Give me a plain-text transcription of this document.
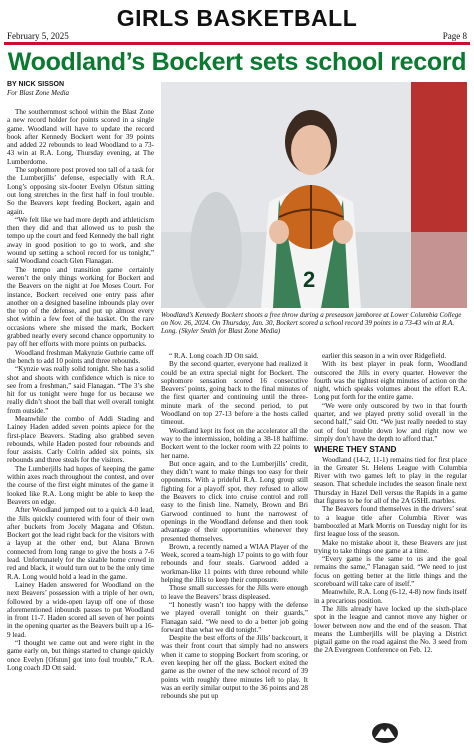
GIRLS BASKETBALL
February 5, 2025	Page 8
Woodland’s Bockert sets school record
BY NICK SISSON
For Blast Zone Media

The southernmost school within the Blast Zone a new record holder for points scored in a single game. Woodland will have to update the record book after Kennedy Bockert went for 39 points and added 22 rebounds to lead Woodland to a 73-43 win at R.A. Long, Thursday evening, at The Lumberdome.

The sophomore post proved too tall of a task for the Lumberjills’ defense, especially with R.A. Long’s opposing six-footer Evelyn Ofstun sitting out long stretches in the first half in foul trouble. So the Beavers kept feeding Bockert, again and again.

“We felt like we had more depth and athleticism then they did and that allowed us to push the tempo up the court and feed Kennedy the ball right away in good position to go to work, and she wound up setting a school record for us tonight,” said Woodland coach Glen Flanagan.

The tempo and transition game certainly weren’t the only things working for Bockert and the Beavers on the night at Joe Moses Court. For instance, Bockert received one entry pass after another on a designed baseline inbounds play over the top of the defense, and put up almost every shot within a few feet of the basket. On the rare occasions where she missed the mark, Bockert grabbed nearly every second chance opportunity to pay off her efforts with more points on putbacks.

Woodland freshman Makynzie Guthrie came off the bench to add 10 points and three rebounds.

“Kynzie was really solid tonight. She has a solid shot and shoots with confidence which is nice to see from a freshman,” said Flanagan. “The 3’s she hit for us tonight were huge for us because we really didn’t shoot the ball that well overall tonight from outside.”

Meanwhile the combo of Addi Stading and Lainey Haden added seven points apiece for the first-place Beavers. Stading also grabbed seven rebounds, while Haden posted four rebounds and four assists. Carly Colrin added six points, six rebounds and three steals for the visitors.

The Lumberjills had hopes of keeping the game within axes reach throughout the contest, and over the course of the first eight minutes of the game it looked like R.A. Long might be able to keep the Beavers on edge.

After Woodland jumped out to a quick 4-0 lead, the Jills quickly countered with four of their own after buckets from Jocely Magana and Ofstun. Bockert got the lead right back for the visitors with a layup at the other end, but Alana Brown connected from long range to give the hosts a 7-6 lead. Unfortunately for the sizable home crowd in red and black, it would turn out to be the only time R.A. Long would hold a lead in the game.

Lainey Haden answered for Woodland on the next Beavers’ possession with a triple of her own, followed by a wide-open layup off one of those aforementioned inbounds passes to put Woodland in front 11-7. Haden scored all seven of her points in the opening quarter as the Beavers built up a 16-9 lead.

“I thought we came out and were right in the game early on, but things started to change quickly once Evelyn [Ofstun] got into foul trouble,” R.A. Long coach JD Ott said.

2
Woodland’s Kennedy Bockert shoots a free throw during a preseason jamboree at Lower Columbia College on Nov. 26, 2024. On Thursday, Jan. 30, Bockert scored a school record 39 points in a 73-43 win at R.A. Long. (Skyler Smith for Blast Zone Media)

“ R.A. Long coach JD Ott said.

By the second quarter, everyone had realized it could be an extra special night for Bockert. The sophomore sensation scored 16 consecutive Beavers’ points, going back to the final minutes of the first quarter and continuing until the three-minute mark of the second period, to put Woodland on top 27-13 before a the hosts called timeout.

Woodland kept its foot on the accelerator all the way to the intermission, holding a 38-18 halftime. Bockert went to the locker room with 22 points to her name.

But once again, and to the Lumberjills’ credit, they didn’t want to make things too easy for their opponents. With a prideful R.A. Long group still fighting for a playoff spot, they refused to allow the Beavers to click into cruise control and roll easy to the finish line. Namely, Brown and Bri Garwood continued to hunt the narrowest of openings in the Woodland defense and then took advantage of their opportunities whenever they presented themselves.

Brown, a recently named a WIAA Player of the Week, scored a team-high 17 points to go with four rebounds and four steals. Garwood added a workman-like 11 points with three rebound while helping the Jills to keep their composure.

Those small successes for the Jills were enough to leave the Beavers’ brass displeased.

“I honestly wasn’t too happy with the defense we played overall tonight on their guards,” Flanagan said. “We need to do a better job going forward than what we did tonight.”

Despite the best efforts of the Jills’ backcourt, it was their front court that simply had no answers when it came to stopping Bockert from scoring, or even keeping her off the glass. Bockert exited the game as the owner of the new school record of 39 points with roughly three minutes left to play. It was an eerily similar output to the 36 points and 28 rebounds she put up

earlier this season in a win over Ridgefield.

With its best player in peak form, Woodland outscored the Jills in every quarter. However the fourth was the tightest eight minutes of action on the night, which speaks volumes about the effort R.A. Long put forth for the entire game.

“We were only outscored by two in that fourth quarter, and we played pretty solid overall in the second half,” said Ott. “We just really needed to stay out of foul trouble down low and right now we simply don’t have the depth to afford that.”

WHERE THEY STAND

Woodland (14-2, 11-1) remains tied for first place in the Greater St. Helens League with Columbia River with two games left to play in the regular season. That schedule includes the season finale next Thursday in Hazel Dell versus the Rapids in a game that figures to be for all of the 2A GSHL marbles.

The Beavers found themselves in the drivers’ seat to a league title after Columbia River was bamboozled at Mark Morris on Tuesday night for its first league loss of the season.

Make no mistake about it, these Beavers are just trying to take things one game at a time.

“Every game is the same to us and the goal remains the same,” Flanagan said. “We need to just focus on getting better at the little things and the scoreboard will take care of itself.”

Meanwhile, R.A. Long (6-12, 4-8) now finds itself in a precarious position.

The Jills already have locked up the sixth-place spot in the league and cannot move any higher or lower between now and the end of the season. That means the Lumberjills will be playing a District pigtail game on the road against the No. 3 seed from the 2A Evergreen Conference on Feb. 12.
